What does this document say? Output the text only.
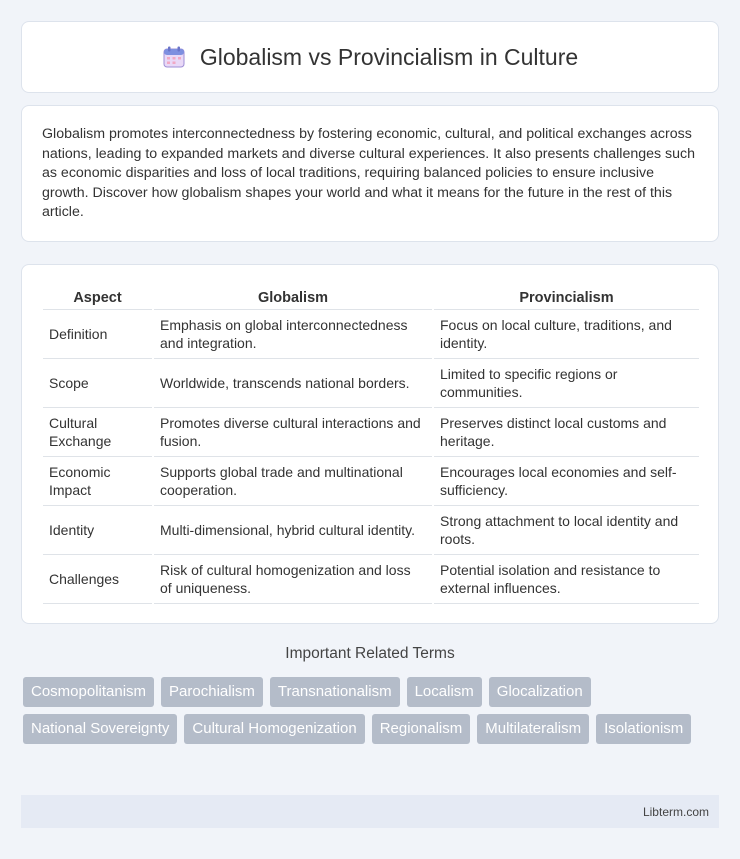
Globalism vs Provincialism in Culture

Globalism promotes interconnectedness by fostering economic, cultural, and political exchanges across nations, leading to expanded markets and diverse cultural experiences. It also presents challenges such as economic disparities and loss of local traditions, requiring balanced policies to ensure inclusive growth. Discover how globalism shapes your world and what it means for the future in the rest of this article.

Aspect	Globalism	Provincialism
Definition	Emphasis on global interconnectedness and integration.	Focus on local culture, traditions, and identity.
Scope	Worldwide, transcends national borders.	Limited to specific regions or communities.
Cultural Exchange	Promotes diverse cultural interactions and fusion.	Preserves distinct local customs and heritage.
Economic Impact	Supports global trade and multinational cooperation.	Encourages local economies and self-sufficiency.
Identity	Multi-dimensional, hybrid cultural identity.	Strong attachment to local identity and roots.
Challenges	Risk of cultural homogenization and loss of uniqueness.	Potential isolation and resistance to external influences.
Important Related Terms
Cosmopolitanism	Parochialism	Transnationalism	Localism	Glocalization
National Sovereignty	Cultural Homogenization	Regionalism	Multilateralism	Isolationism
Libterm.com
